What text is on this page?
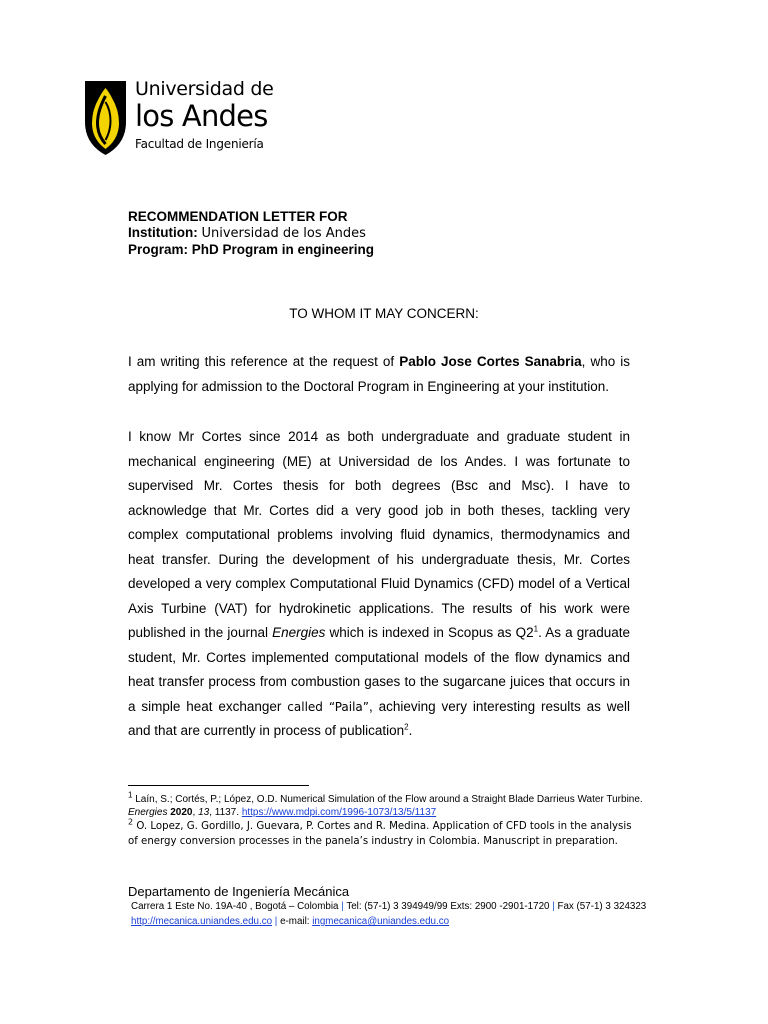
Universidad de
los Andes
Facultad de Ingeniería
RECOMMENDATION LETTER FOR
Institution: Universidad de los Andes
Program: PhD Program in engineering
TO WHOM IT MAY CONCERN:
I am writing this reference at the request of Pablo Jose Cortes Sanabria, who is applying for admission to the Doctoral Program in Engineering at your institution.
I know Mr Cortes since 2014 as both undergraduate and graduate student in mechanical engineering (ME) at Universidad de los Andes. I was fortunate to supervised Mr. Cortes thesis for both degrees (Bsc and Msc). I have to acknowledge that Mr. Cortes did a very good job in both theses, tackling very complex computational problems involving fluid dynamics, thermodynamics and heat transfer. During the development of his undergraduate thesis, Mr. Cortes developed a very complex Computational Fluid Dynamics (CFD) model of a Vertical Axis Turbine (VAT) for hydrokinetic applications. The results of his work were published in the journal Energies which is indexed in Scopus as $Q2^1$. As a graduate student, Mr. Cortes implemented computational models of the flow dynamics and heat transfer process from combustion gases to the sugarcane juices that occurs in a simple heat exchanger called “Paila”, achieving very interesting results as well and that are currently in process of publication$^2$.
$^1$ Laín, S.; Cortés, P.; López, O.D. Numerical Simulation of the Flow around a Straight Blade Darrieus Water Turbine. Energies 2020, 13, 1137. https://www.mdpi.com/1996-1073/13/5/1137
$^2$ O. Lopez, G. Gordillo, J. Guevara, P. Cortes and R. Medina. Application of CFD tools in the analysis of energy conversion processes in the panela’s industry in Colombia. Manuscript in preparation.
Departamento de Ingeniería Mecánica
Carrera 1 Este No. 19A-40 , Bogotá – Colombia | Tel: (57-1) 3 394949/99 Exts: 2900 -2901-1720 | Fax (57-1) 3 324323
http://mecanica.uniandes.edu.co | e-mail: ingmecanica@uniandes.edu.co
